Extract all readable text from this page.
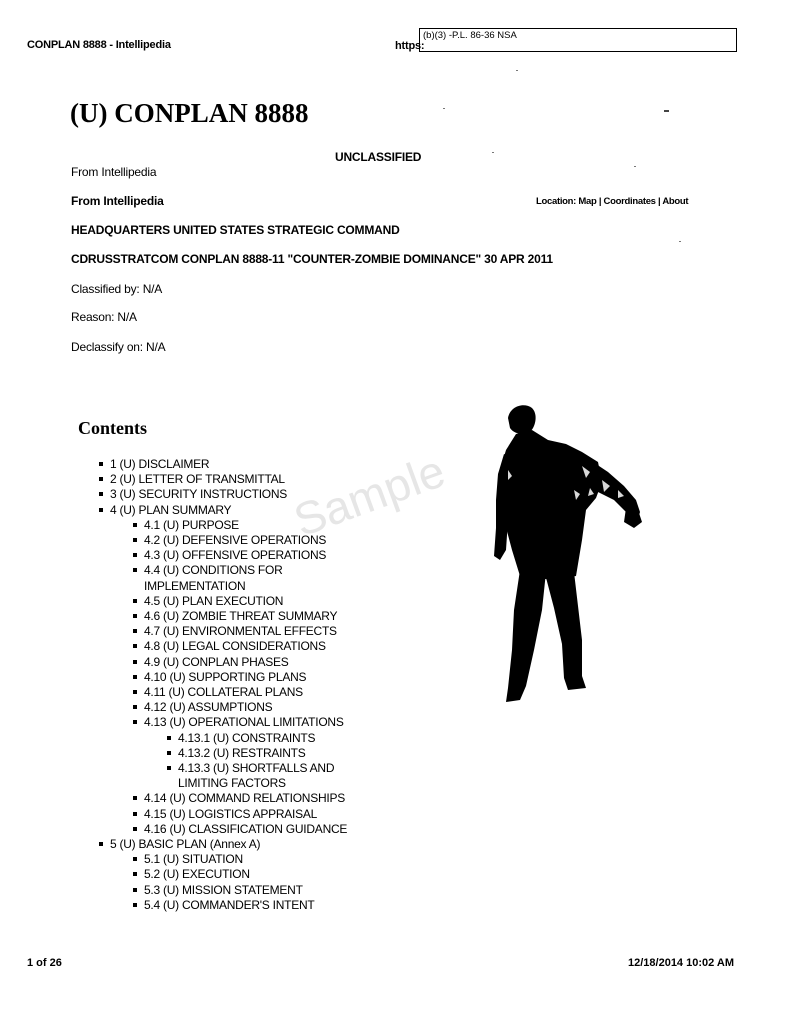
CONPLAN 8888 - Intellipedia	https:
(b)(3) -P.L. 86-36 NSA
(U) CONPLAN 8888
UNCLASSIFIED
From Intellipedia
From Intellipedia	Location: Map | Coordinates | About
HEADQUARTERS UNITED STATES STRATEGIC COMMAND
CDRUSSTRATCOM CONPLAN 8888-11 "COUNTER-ZOMBIE DOMINANCE" 30 APR 2011
Classified by: N/A
Reason: N/A
Declassify on: N/A
Sample
Contents
1 (U) DISCLAIMER
2 (U) LETTER OF TRANSMITTAL
3 (U) SECURITY INSTRUCTIONS
4 (U) PLAN SUMMARY
4.1 (U) PURPOSE
4.2 (U) DEFENSIVE OPERATIONS
4.3 (U) OFFENSIVE OPERATIONS
4.4 (U) CONDITIONS FOR IMPLEMENTATION
4.5 (U) PLAN EXECUTION
4.6 (U) ZOMBIE THREAT SUMMARY
4.7 (U) ENVIRONMENTAL EFFECTS
4.8 (U) LEGAL CONSIDERATIONS
4.9 (U) CONPLAN PHASES
4.10 (U) SUPPORTING PLANS
4.11 (U) COLLATERAL PLANS
4.12 (U) ASSUMPTIONS
4.13 (U) OPERATIONAL LIMITATIONS
4.13.1 (U) CONSTRAINTS
4.13.2 (U) RESTRAINTS
4.13.3 (U) SHORTFALLS AND LIMITING FACTORS
4.14 (U) COMMAND RELATIONSHIPS
4.15 (U) LOGISTICS APPRAISAL
4.16 (U) CLASSIFICATION GUIDANCE
5 (U) BASIC PLAN (Annex A)
5.1 (U) SITUATION
5.2 (U) EXECUTION
5.3 (U) MISSION STATEMENT
5.4 (U) COMMANDER'S INTENT
1 of 26	12/18/2014 10:02 AM
